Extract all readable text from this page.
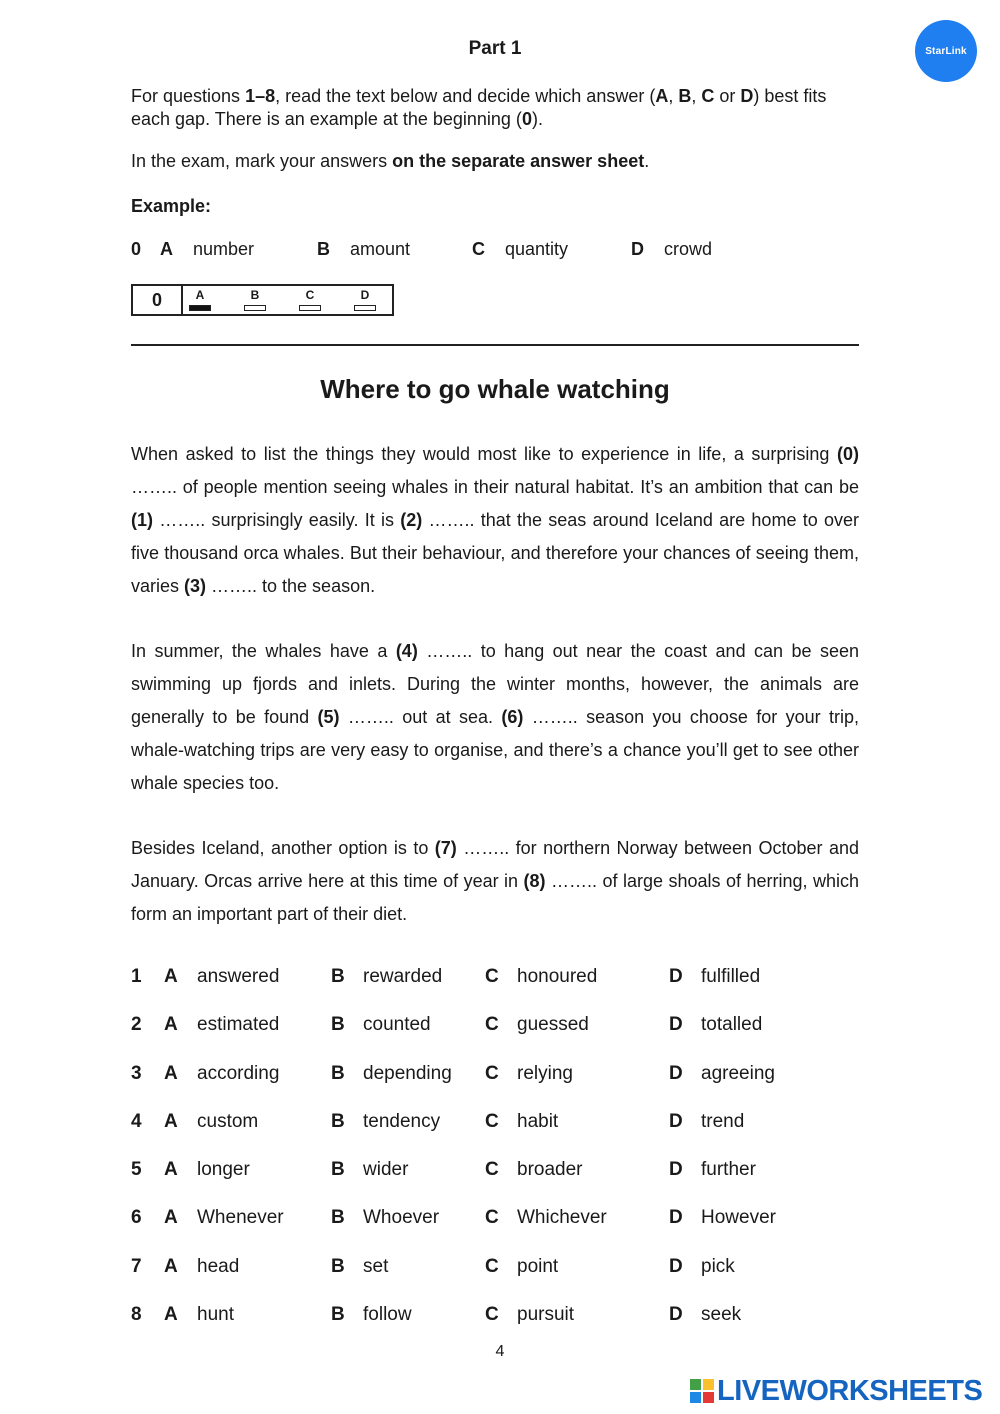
Part 1	StarLink
For questions 1–8, read the text below and decide which answer (A, B, C or D) best fits each gap. There is an example at the beginning (0).
In the exam, mark your answers on the separate answer sheet.
Example:
0 A number	B amount	C quantity	D crowd
0	A	B	C	D
Where to go whale watching
When asked to list the things they would most like to experience in life, a surprising (0) …….. of people mention seeing whales in their natural habitat. It’s an ambition that can be (1) …….. surprisingly easily. It is (2) …….. that the seas around Iceland are home to over five thousand orca whales. But their behaviour, and therefore your chances of seeing them, varies (3) …….. to the season.
In summer, the whales have a (4) …….. to hang out near the coast and can be seen swimming up fjords and inlets. During the winter months, however, the animals are generally to be found (5) …….. out at sea. (6) …….. season you choose for your trip, whale-watching trips are very easy to organise, and there’s a chance you’ll get to see other whale species too.
Besides Iceland, another option is to (7) …….. for northern Norway between October and January. Orcas arrive here at this time of year in (8) …….. of large shoals of herring, which form an important part of their diet.
1 A answered	B rewarded C honoured	D fulfilled
2 A estimated	B counted	C guessed	D totalled
3 A according	B depending C relying	D agreeing
4 A custom	B tendency C habit	D trend
5 A longer	B wider	C broader	D further
6 A Whenever B Whoever C Whichever	D However
7 A head	B set	C point	D pick
8 A hunt	B follow	C pursuit	D seek
4
LIVEWORKSHEETS
